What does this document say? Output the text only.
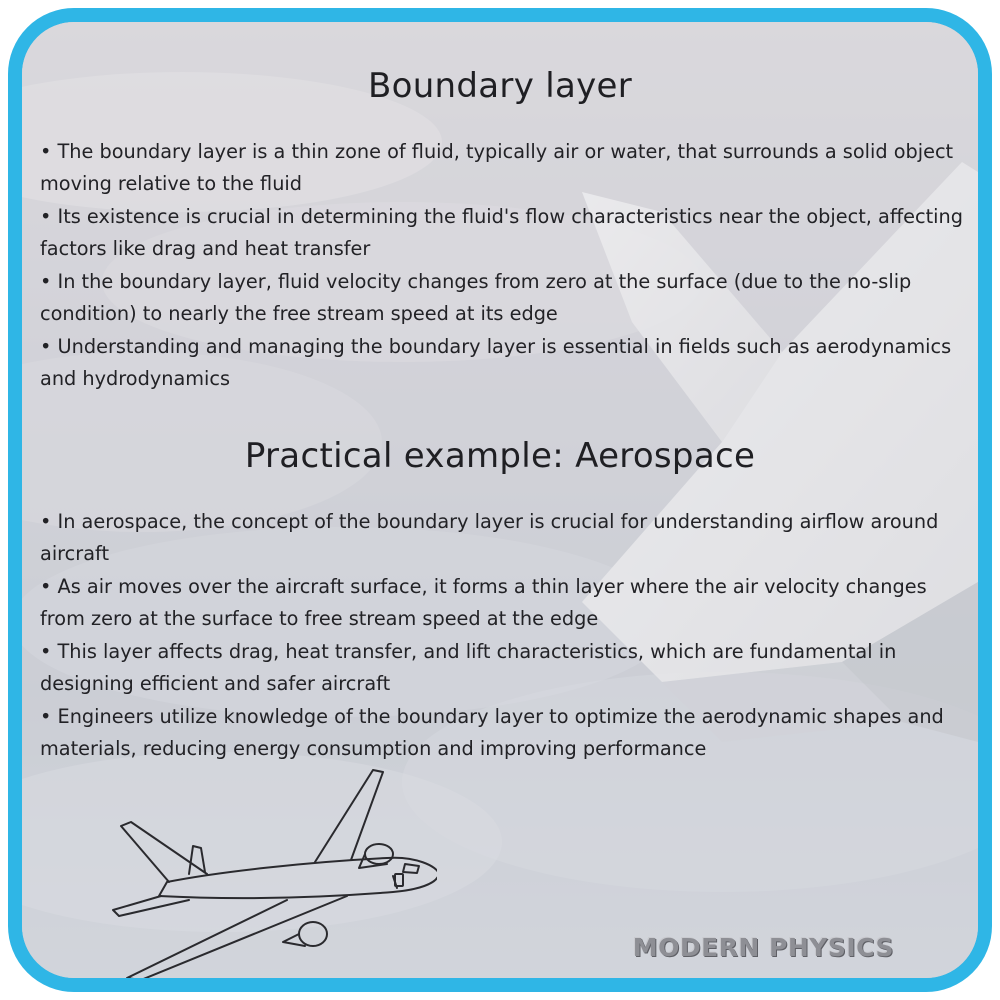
Boundary layer
• The boundary layer is a thin zone of fluid, typically air or water, that surrounds a solid object moving relative to the fluid
• Its existence is crucial in determining the fluid's flow characteristics near the object, affecting factors like drag and heat transfer
• In the boundary layer, fluid velocity changes from zero at the surface (due to the no-slip condition) to nearly the free stream speed at its edge
• Understanding and managing the boundary layer is essential in fields such as aerodynamics and hydrodynamics
Practical example: Aerospace
• In aerospace, the concept of the boundary layer is crucial for understanding airflow around aircraft
• As air moves over the aircraft surface, it forms a thin layer where the air velocity changes from zero at the surface to free stream speed at the edge
• This layer affects drag, heat transfer, and lift characteristics, which are fundamental in designing efficient and safer aircraft
• Engineers utilize knowledge of the boundary layer to optimize the aerodynamic shapes and materials, reducing energy consumption and improving performance
MODERN PHYSICS
